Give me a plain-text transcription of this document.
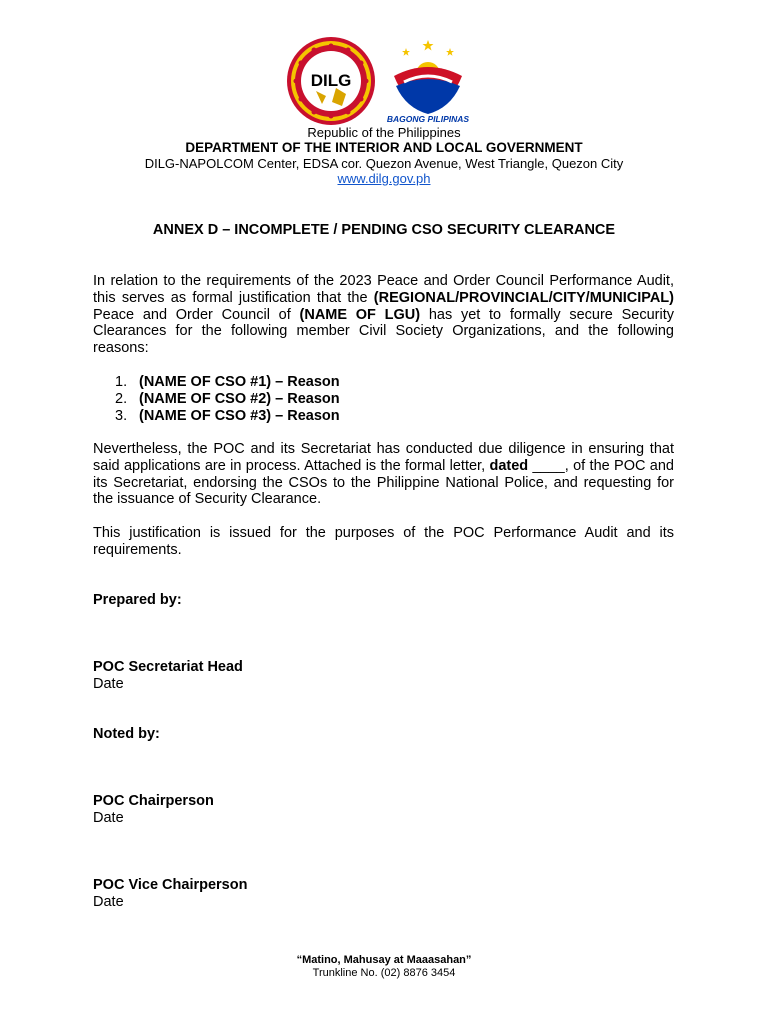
DILG
BAGONG PILIPINAS
Republic of the Philippines
DEPARTMENT OF THE INTERIOR AND LOCAL GOVERNMENT
DILG-NAPOLCOM Center, EDSA cor. Quezon Avenue, West Triangle, Quezon City
www.dilg.gov.ph
ANNEX D – INCOMPLETE / PENDING CSO SECURITY CLEARANCE
In relation to the requirements of the 2023 Peace and Order Council Performance Audit, this serves as formal justification that the (REGIONAL/PROVINCIAL/CITY/MUNICIPAL) Peace and Order Council of (NAME OF LGU) has yet to formally secure Security Clearances for the following member Civil Society Organizations, and the following reasons:
1. (NAME OF CSO #1) – Reason
2. (NAME OF CSO #2) – Reason
3. (NAME OF CSO #3) – Reason
Nevertheless, the POC and its Secretariat has conducted due diligence in ensuring that said applications are in process. Attached is the formal letter, dated ____, of the POC and its Secretariat, endorsing the CSOs to the Philippine National Police, and requesting for the issuance of Security Clearance.
This justification is issued for the purposes of the POC Performance Audit and its requirements.
Prepared by:
POC Secretariat Head
Date
Noted by:
POC Chairperson
Date
POC Vice Chairperson
Date
“Matino, Mahusay at Maaasahan”
Trunkline No. (02) 8876 3454
